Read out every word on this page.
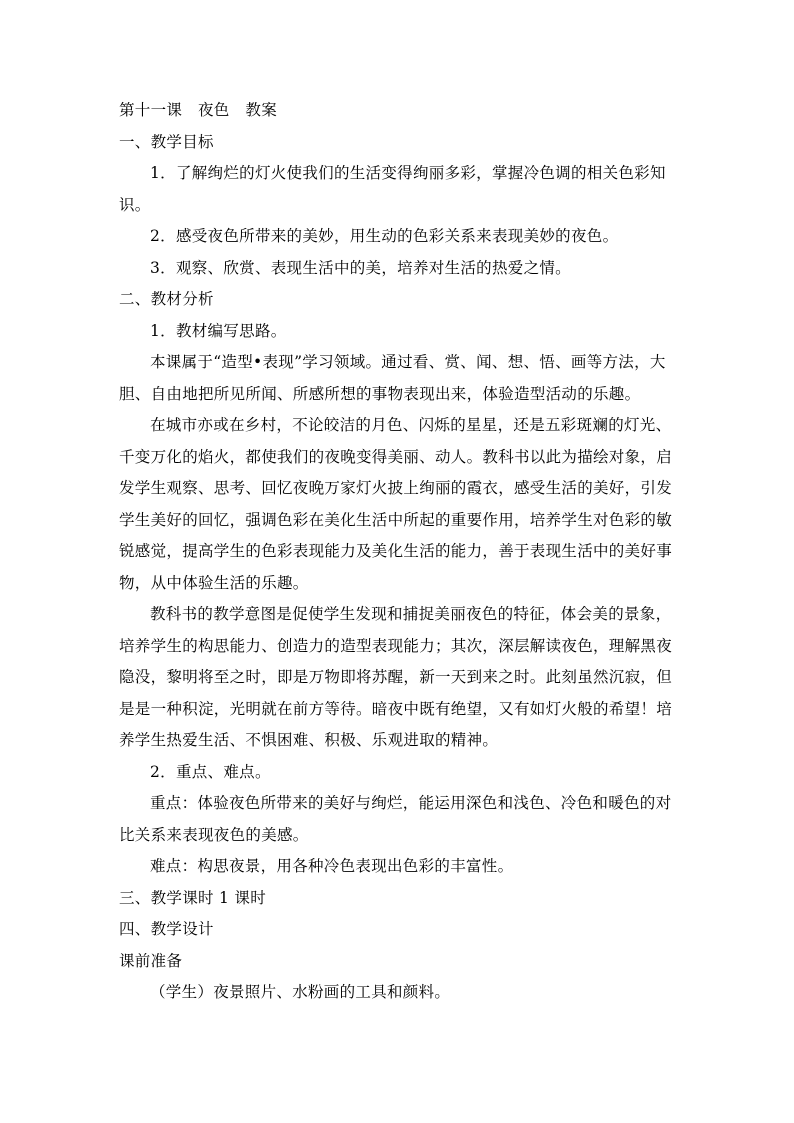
第十一课　夜色　教案

一、教学目标

1．了解绚烂的灯火使我们的生活变得绚丽多彩，掌握冷色调的相关色彩知识。

2．感受夜色所带来的美妙，用生动的色彩关系来表现美妙的夜色。

3．观察、欣赏、表现生活中的美，培养对生活的热爱之情。

二、教材分析

1．教材编写思路。

本课属于“造型•表现”学习领域。通过看、赏、闻、想、悟、画等方法，大胆、自由地把所见所闻、所感所想的事物表现出来，体验造型活动的乐趣。

在城市亦或在乡村，不论皎洁的月色、闪烁的星星，还是五彩斑斓的灯光、千变万化的焰火，都使我们的夜晚变得美丽、动人。教科书以此为描绘对象，启发学生观察、思考、回忆夜晚万家灯火披上绚丽的霞衣，感受生活的美好，引发学生美好的回忆，强调色彩在美化生活中所起的重要作用，培养学生对色彩的敏锐感觉，提高学生的色彩表现能力及美化生活的能力，善于表现生活中的美好事物，从中体验生活的乐趣。

教科书的教学意图是促使学生发现和捕捉美丽夜色的特征，体会美的景象，培养学生的构思能力、创造力的造型表现能力；其次，深层解读夜色，理解黑夜隐没，黎明将至之时，即是万物即将苏醒，新一天到来之时。此刻虽然沉寂，但是是一种积淀，光明就在前方等待。暗夜中既有绝望，又有如灯火般的希望！培养学生热爱生活、不惧困难、积极、乐观进取的精神。

2．重点、难点。

重点：体验夜色所带来的美好与绚烂，能运用深色和浅色、冷色和暖色的对比关系来表现夜色的美感。

难点：构思夜景，用各种冷色表现出色彩的丰富性。

三、教学课时 1 课时

四、教学设计

课前准备

（学生）夜景照片、水粉画的工具和颜料。
